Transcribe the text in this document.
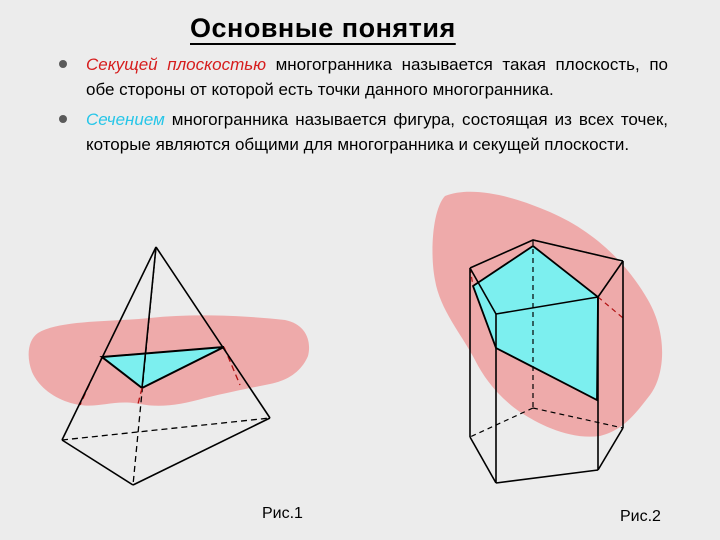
Основные понятия
Секущей плоскостью многогранника называется такая плоскость, по обе стороны от которой есть точки данного многогранника.
Сечением многогранника называется фигура, состоящая из всех точек, которые являются общими для многогранника и секущей плоскости.
Рис.1	Рис.2
